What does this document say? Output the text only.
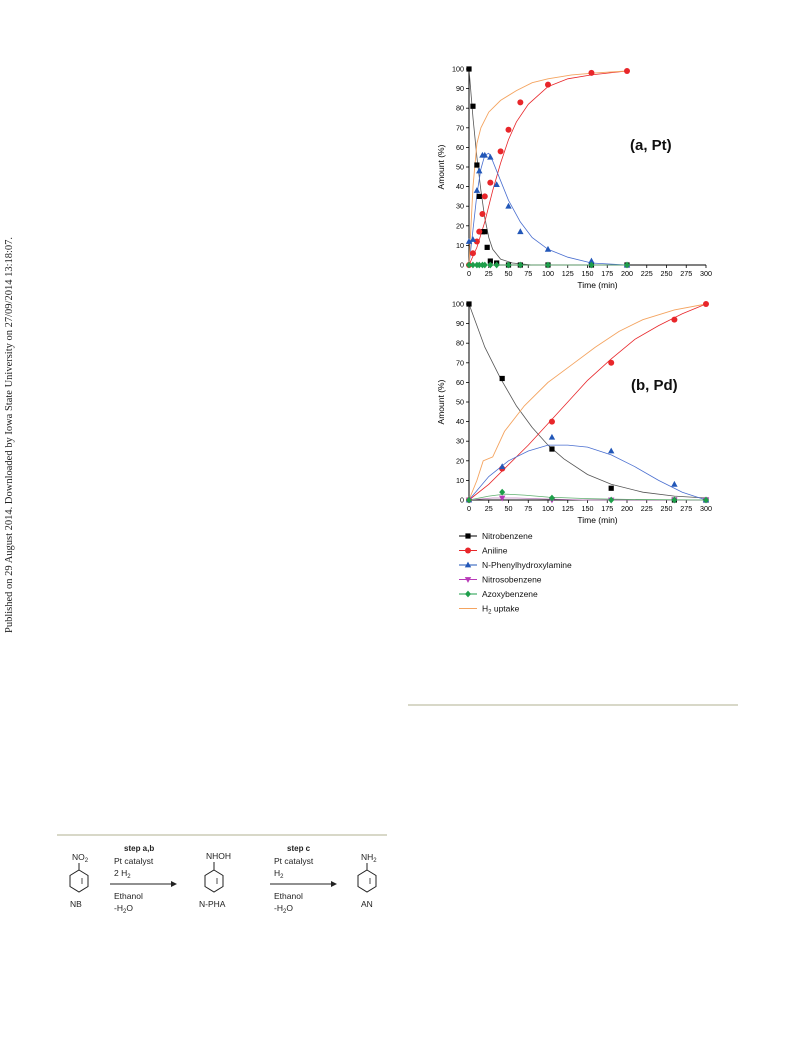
Published on 29 August 2014. Downloaded by Iowa State University on 27/09/2014 13:18:07.	0
10
20
30
40
50
60
70
80
90
100
0 25 50 75 100 125 150 175 200 225 250 275 300
Time (min)
Amount (%)	(a, Pt)
0
10
20
30
40
50
60
70
80
90
100
0 25 50 75 100 125 150 175 200 225 250 275 300
Time (min)
Amount (%)	(b, Pd)
Nitrobenzene
Aniline
N-Phenylhydroxylamine
Nitrosobenzene
Azoxybenzene
$H_2$ uptake
$NO_2$
NB
step a,b
Pt catalyst
2 $H_2$
Ethanol
$-H_2O$
NHOH
N-PHA
step c
Pt catalyst
$H_2$
Ethanol
$-H_2O$
$NH_2$
AN
